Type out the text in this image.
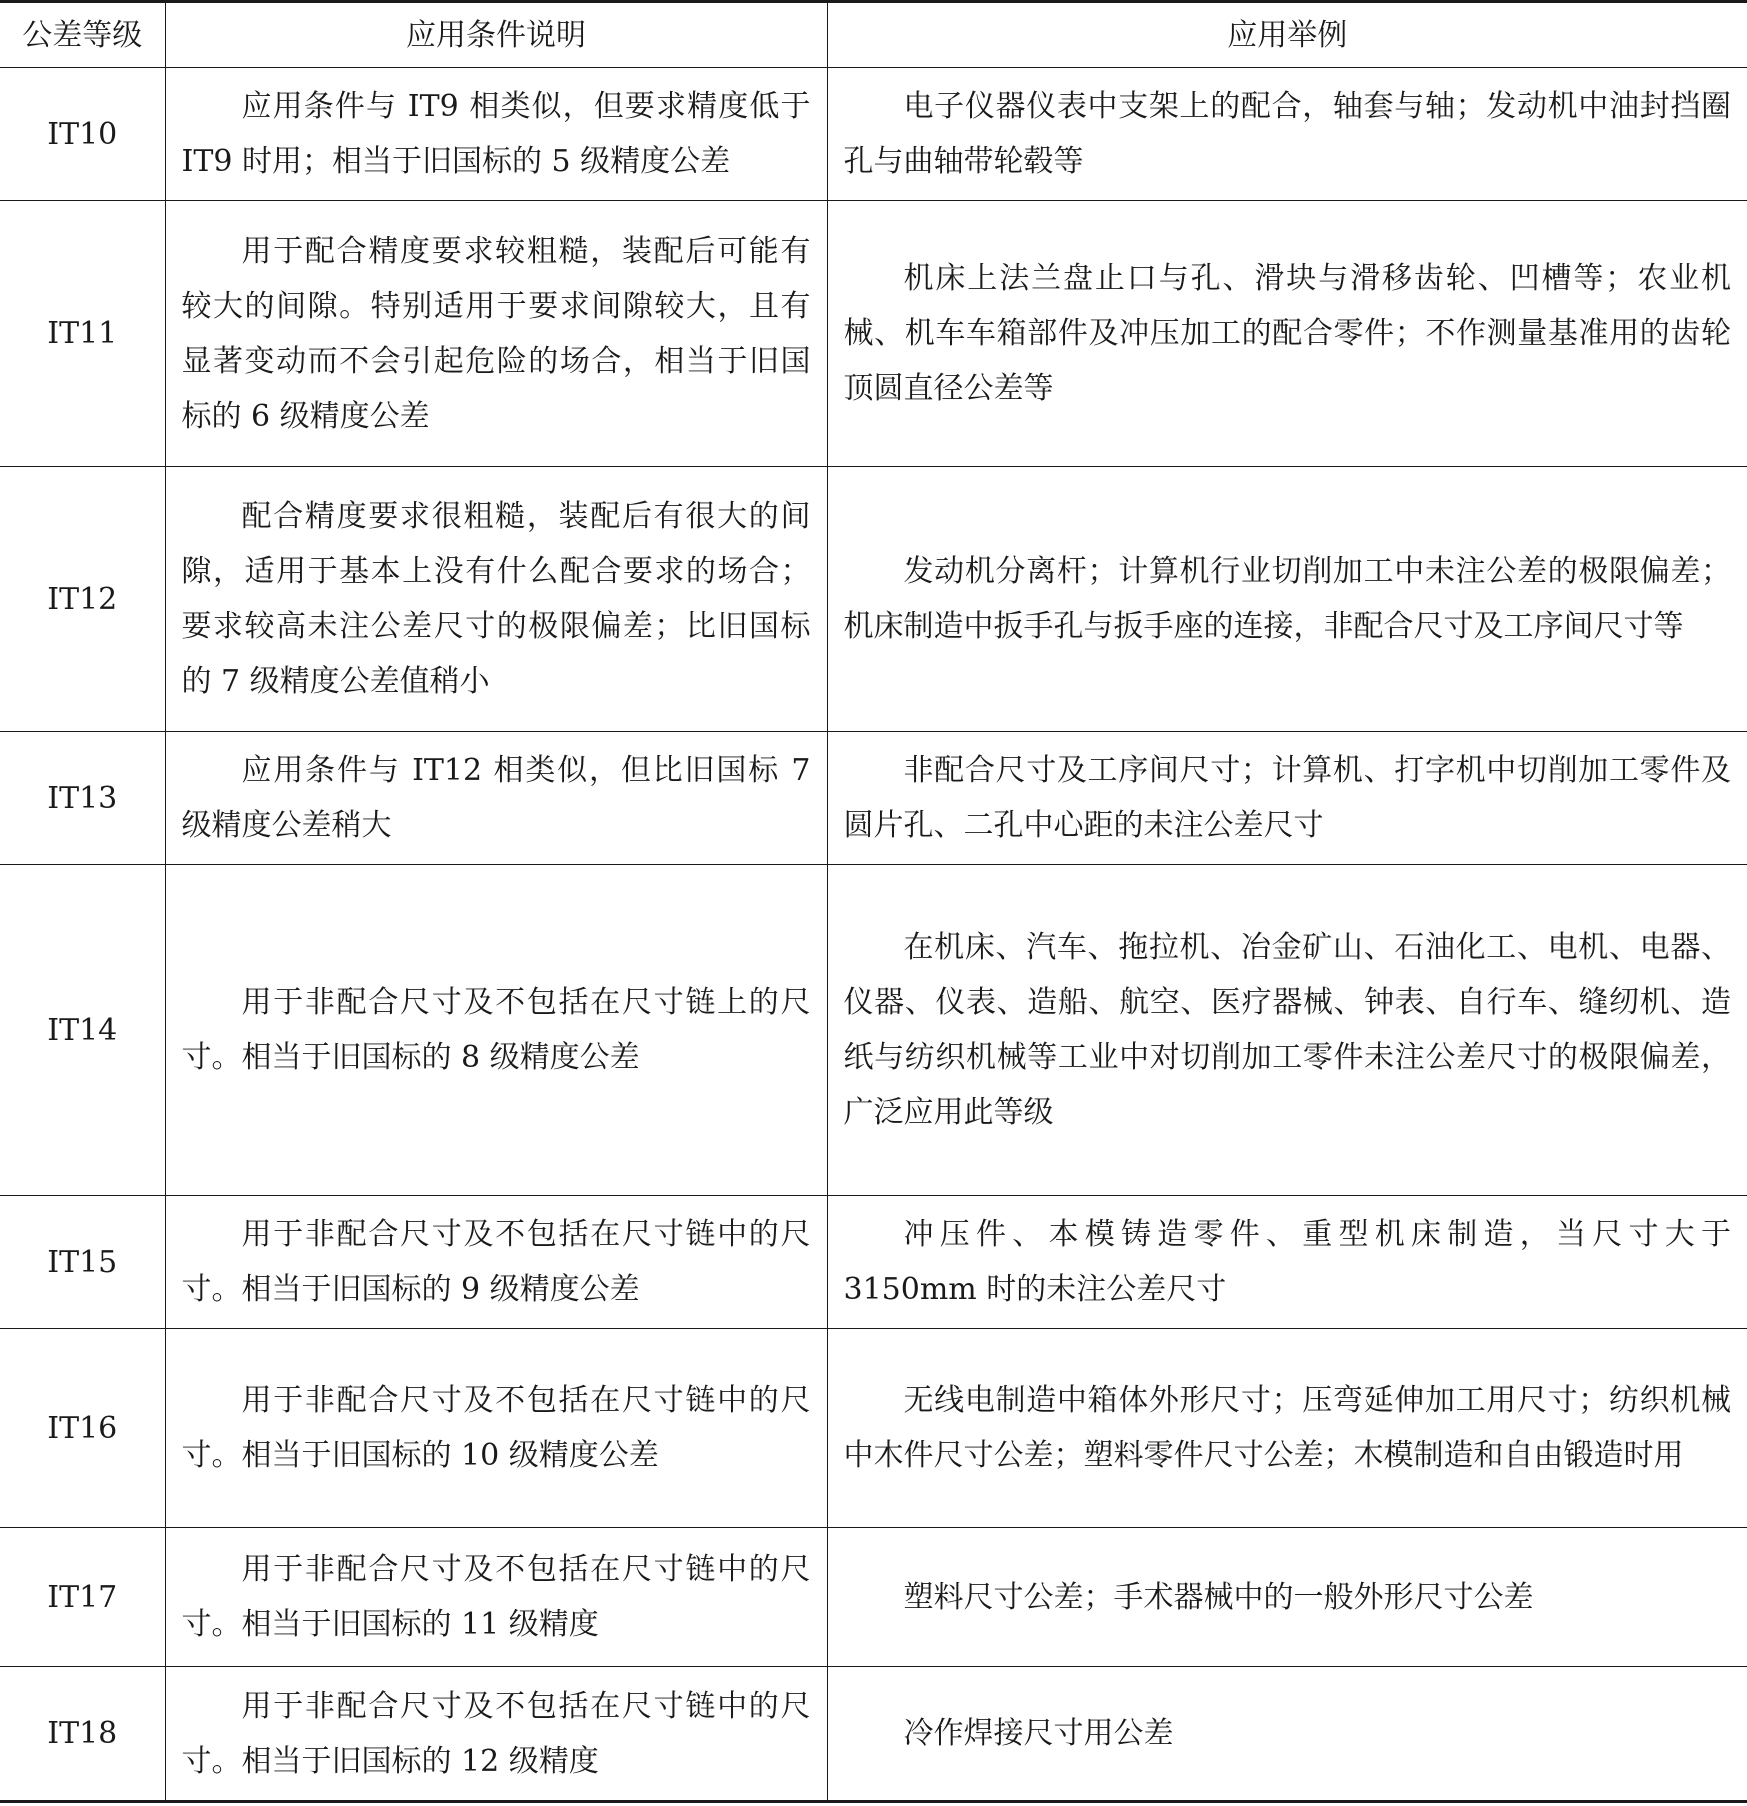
公差等级	应用条件说明	应用举例
IT10	应用条件与 IT9 相类似，但要求精度低于 IT9 时用；相当于旧国标的 5 级精度公差	电子仪器仪表中支架上的配合，轴套与轴；发动机中油封挡圈孔与曲轴带轮毂等
IT11	用于配合精度要求较粗糙，装配后可能有较大的间隙。特别适用于要求间隙较大，且有显著变动而不会引起危险的场合，相当于旧国标的 6 级精度公差	机床上法兰盘止口与孔、滑块与滑移齿轮、凹槽等；农业机械、机车车箱部件及冲压加工的配合零件；不作测量基准用的齿轮顶圆直径公差等
IT12	配合精度要求很粗糙，装配后有很大的间隙，适用于基本上没有什么配合要求的场合；要求较高未注公差尺寸的极限偏差；比旧国标的 7 级精度公差值稍小	发动机分离杆；计算机行业切削加工中未注公差的极限偏差；机床制造中扳手孔与扳手座的连接，非配合尺寸及工序间尺寸等
IT13	应用条件与 IT12 相类似，但比旧国标 7 级精度公差稍大	非配合尺寸及工序间尺寸；计算机、打字机中切削加工零件及圆片孔、二孔中心距的未注公差尺寸
IT14	用于非配合尺寸及不包括在尺寸链上的尺寸。相当于旧国标的 8 级精度公差	在机床、汽车、拖拉机、冶金矿山、石油化工、电机、电器、仪器、仪表、造船、航空、医疗器械、钟表、自行车、缝纫机、造纸与纺织机械等工业中对切削加工零件未注公差尺寸的极限偏差，广泛应用此等级
IT15	用于非配合尺寸及不包括在尺寸链中的尺寸。相当于旧国标的 9 级精度公差	冲压件、本模铸造零件、重型机床制造，当尺寸大于 3150mm 时的未注公差尺寸
IT16	用于非配合尺寸及不包括在尺寸链中的尺寸。相当于旧国标的 10 级精度公差	无线电制造中箱体外形尺寸；压弯延伸加工用尺寸；纺织机械中木件尺寸公差；塑料零件尺寸公差；木模制造和自由锻造时用
IT17	用于非配合尺寸及不包括在尺寸链中的尺寸。相当于旧国标的 11 级精度	塑料尺寸公差；手术器械中的一般外形尺寸公差
IT18	用于非配合尺寸及不包括在尺寸链中的尺寸。相当于旧国标的 12 级精度	冷作焊接尺寸用公差
